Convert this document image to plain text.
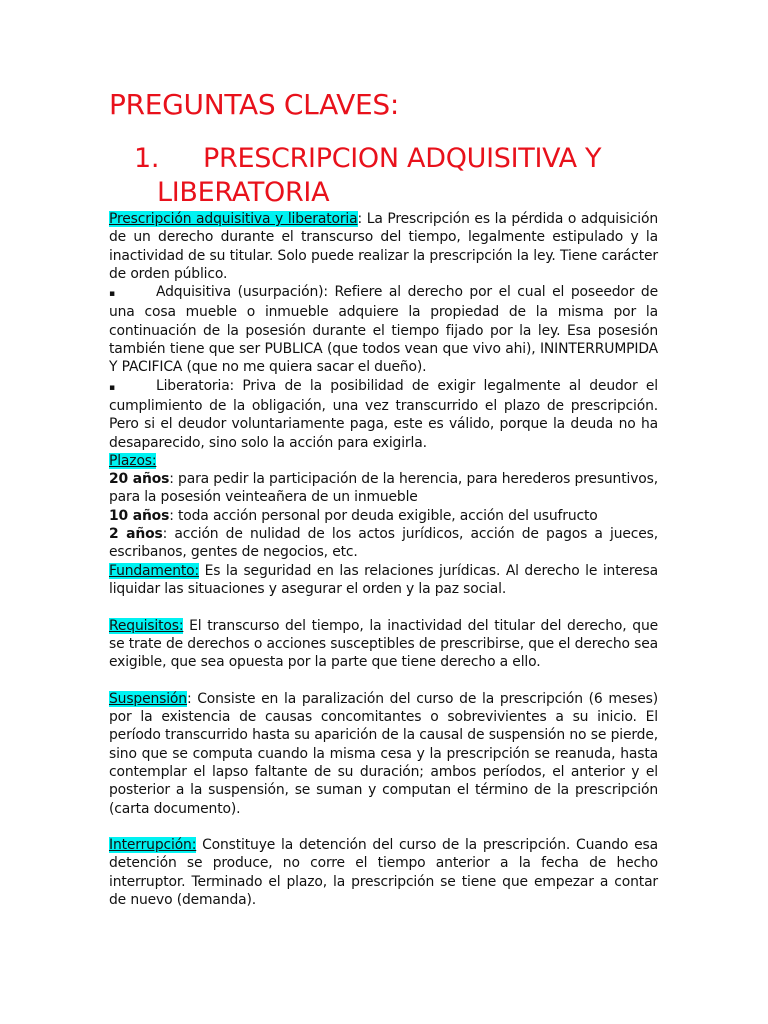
PREGUNTAS CLAVES:
1.	PRESCRIPCION ADQUISITIVA Y
LIBERATORIA

Prescripción adquisitiva y liberatoria: La Prescripción es la pérdida o adquisición de un derecho durante el transcurso del tiempo, legalmente estipulado y la inactividad de su titular. Solo puede realizar la prescripción la ley. Tiene carácter de orden público.

▪	Adquisitiva (usurpación): Refiere al derecho por el cual el poseedor de una cosa mueble o inmueble adquiere la propiedad de la misma por la continuación de la posesión durante el tiempo fijado por la ley. Esa posesión también tiene que ser PUBLICA (que todos vean que vivo ahi), ININTERRUMPIDA Y PACIFICA (que no me quiera sacar el dueño).

▪	Liberatoria: Priva de la posibilidad de exigir legalmente al deudor el cumplimiento de la obligación, una vez transcurrido el plazo de prescripción. Pero si el deudor voluntariamente paga, este es válido, porque la deuda no ha desaparecido, sino solo la acción para exigirla.

Plazos:

20 años: para pedir la participación de la herencia, para herederos presuntivos, para la posesión veinteañera de un inmueble

10 años: toda acción personal por deuda exigible, acción del usufructo

2 años: acción de nulidad de los actos jurídicos, acción de pagos a jueces, escribanos, gentes de negocios, etc.

Fundamento: Es la seguridad en las relaciones jurídicas. Al derecho le interesa liquidar las situaciones y asegurar el orden y la paz social.

Requisitos: El transcurso del tiempo, la inactividad del titular del derecho, que se trate de derechos o acciones susceptibles de prescribirse, que el derecho sea exigible, que sea opuesta por la parte que tiene derecho a ello.

Suspensión: Consiste en la paralización del curso de la prescripción (6 meses) por la existencia de causas concomitantes o sobrevivientes a su inicio. El período transcurrido hasta su aparición de la causal de suspensión no se pierde, sino que se computa cuando la misma cesa y la prescripción se reanuda, hasta contemplar el lapso faltante de su duración; ambos períodos, el anterior y el posterior a la suspensión, se suman y computan el término de la prescripción (carta documento).

Interrupción: Constituye la detención del curso de la prescripción. Cuando esa detención se produce, no corre el tiempo anterior a la fecha de hecho interruptor. Terminado el plazo, la prescripción se tiene que empezar a contar de nuevo (demanda).
